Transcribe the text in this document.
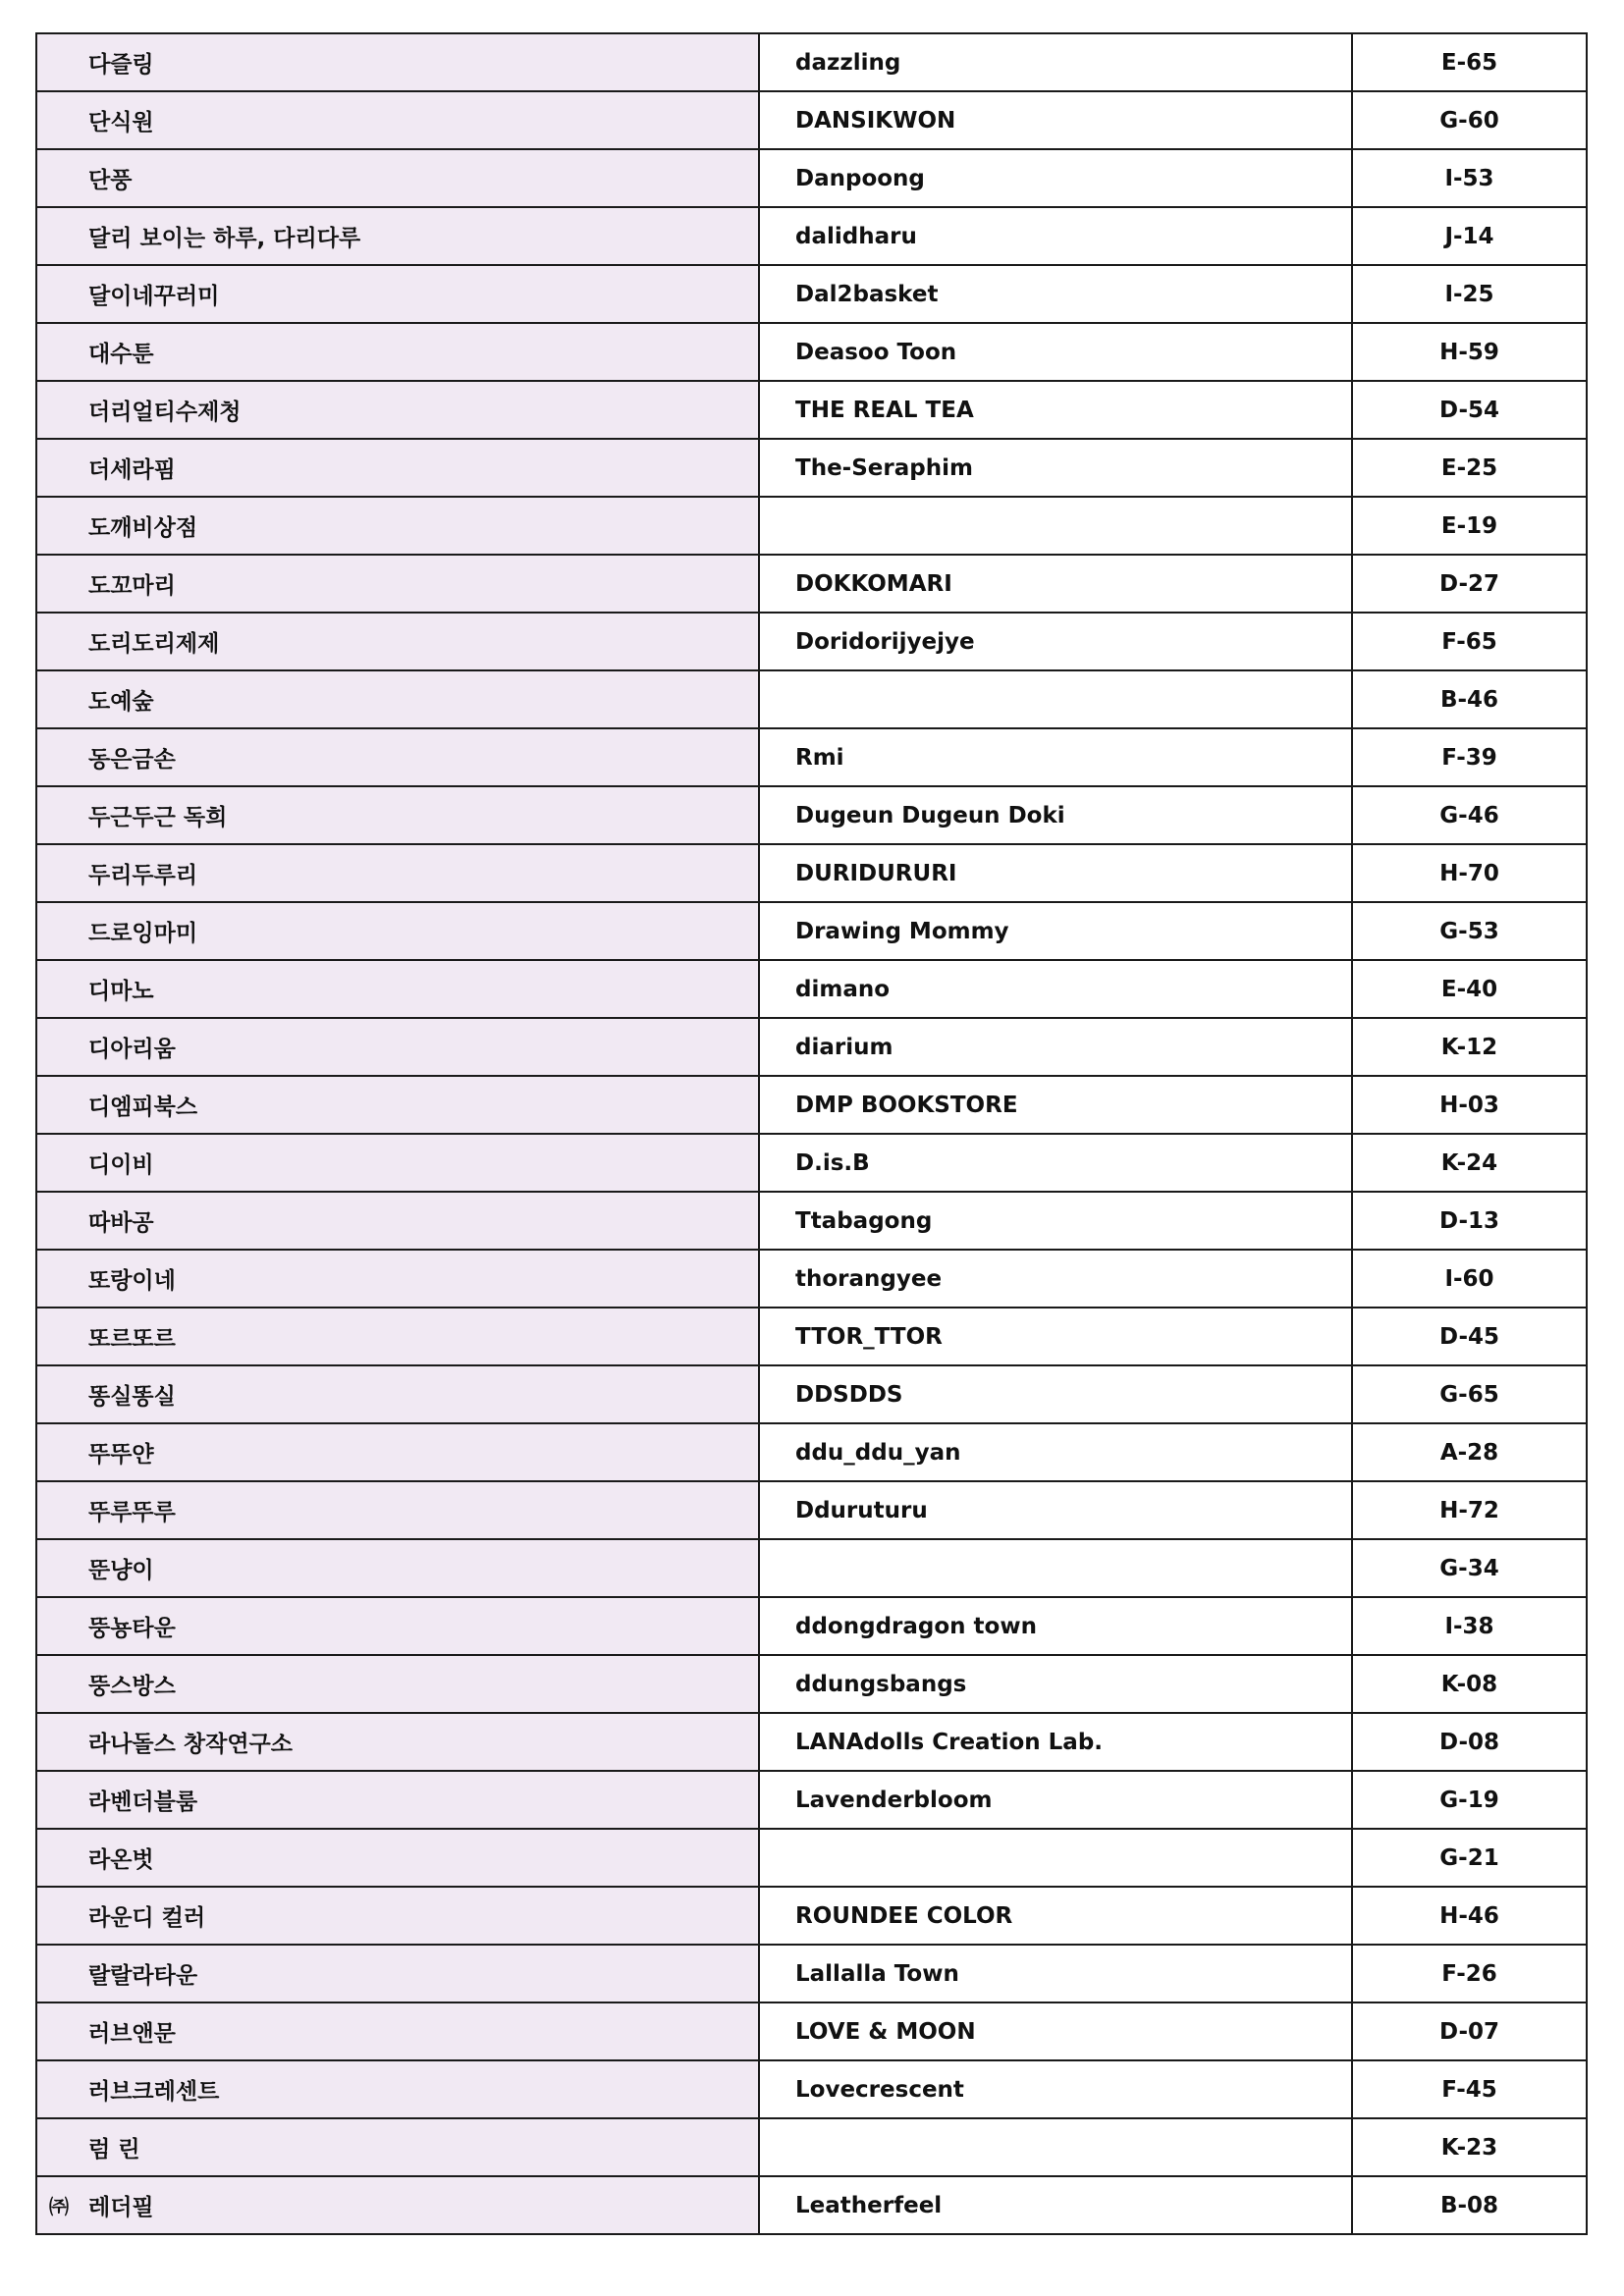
다즐링	dazzling	E-65
단식원	DANSIKWON	G-60
단풍	Danpoong	I-53
달리 보이는 하루, 다리다루	dalidharu	J-14
달이네꾸러미	Dal2basket	I-25
대수툰	Deasoo Toon	H-59
더리얼티수제청	THE REAL TEA	D-54
더세라핌	The-Seraphim	E-25
도깨비상점		E-19
도꼬마리	DOKKOMARI	D-27
도리도리제제	Doridorijyejye	F-65
도예숲		B-46
동은금손	Rmi	F-39
두근두근 독희	Dugeun Dugeun Doki	G-46
두리두루리	DURIDURURI	H-70
드로잉마미	Drawing Mommy	G-53
디마노	dimano	E-40
디아리움	diarium	K-12
디엠피북스	DMP BOOKSTORE	H-03
디이비	D.is.B	K-24
따바공	Ttabagong	D-13
또랑이네	thorangyee	I-60
또르또르	TTOR_TTOR	D-45
똥실똥실	DDSDDS	G-65
뚜뚜얀	ddu_ddu_yan	A-28
뚜루뚜루	Dduruturu	H-72
뚠냥이		G-34
뚱뇽타운	ddongdragon town	I-38
뚱스방스	ddungsbangs	K-08
라나돌스 창작연구소	LANAdolls Creation Lab.	D-08
라벤더블룸	Lavenderbloom	G-19
라온벗		G-21
라운디 컬러	ROUNDEE COLOR	H-46
랄랄라타운	Lallalla Town	F-26
러브앤문	LOVE & MOON	D-07
러브크레센트	Lovecrescent	F-45
럼 린		K-23
㈜ 레더필	Leatherfeel	B-08
